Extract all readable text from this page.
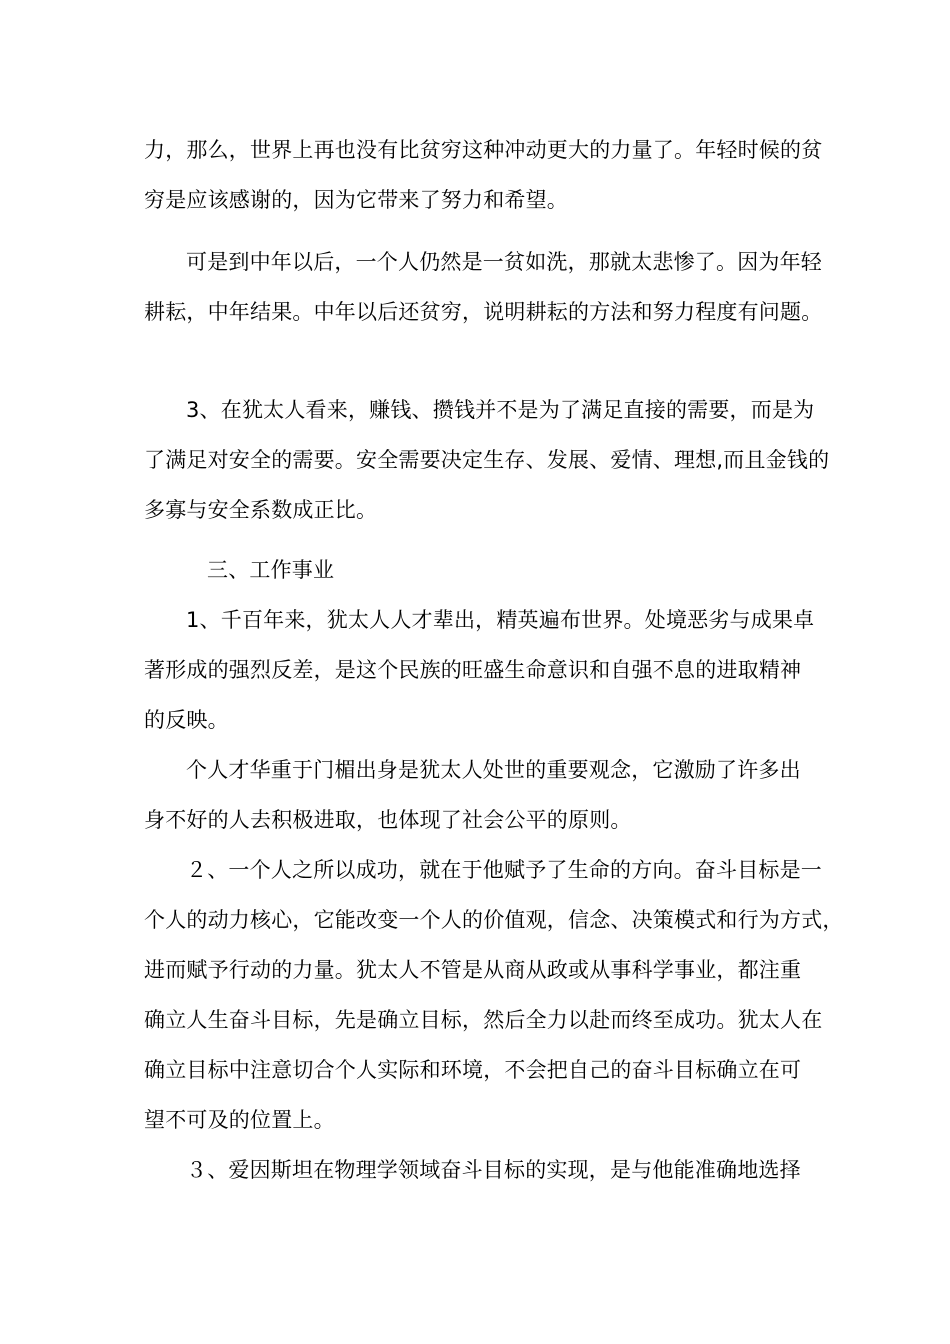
力，那么，世界上再也没有比贫穷这种冲动更大的力量了。年轻时候的贫
穷是应该感谢的，因为它带来了努力和希望。
可是到中年以后，一个人仍然是一贫如洗，那就太悲惨了。因为年轻
耕耘，中年结果。中年以后还贫穷，说明耕耘的方法和努力程度有问题。
3、在犹太人看来，赚钱、攒钱并不是为了满足直接的需要，而是为
了满足对安全的需要。安全需要决定生存、发展、爱情、理想,而且金钱的
多寡与安全系数成正比。
三、工作事业
1、千百年来，犹太人人才辈出，精英遍布世界。处境恶劣与成果卓
著形成的强烈反差，是这个民族的旺盛生命意识和自强不息的进取精神
的反映。
个人才华重于门楣出身是犹太人处世的重要观念，它激励了许多出
身不好的人去积极进取，也体现了社会公平的原则。
２、一个人之所以成功，就在于他赋予了生命的方向。奋斗目标是一
个人的动力核心，它能改变一个人的价值观，信念、决策模式和行为方式，
进而赋予行动的力量。犹太人不管是从商从政或从事科学事业，都注重
确立人生奋斗目标，先是确立目标，然后全力以赴而终至成功。犹太人在
确立目标中注意切合个人实际和环境，不会把自己的奋斗目标确立在可
望不可及的位置上。
３、爱因斯坦在物理学领域奋斗目标的实现，是与他能准确地选择
